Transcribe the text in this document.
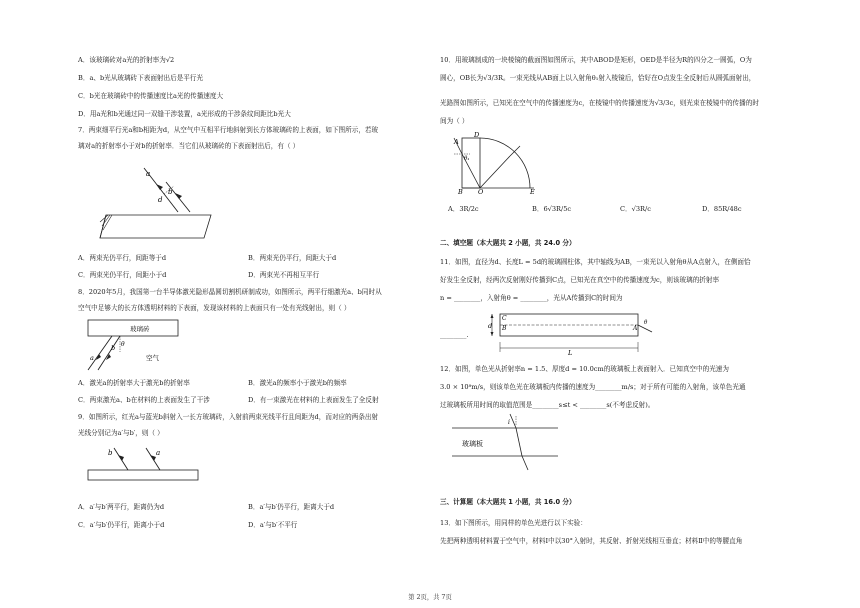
A．该玻璃砖对a光的折射率为√2
B．a、b光从玻璃砖下表面射出后是平行光
C．b光在玻璃砖中的传播速度比a光的传播速度大
D．用a光和b光通过同一双缝干涉装置，a光形成的干涉条纹间距比b光大
7．两束细平行光a和b相距为d，从空气中互相平行地斜射到长方体玻璃砖的上表面，如下图所示，若玻
璃对a的折射率小于对b的折射率．当它们从玻璃砖的下表面射出后，有（ ）
a
b
d
A．两束光仍平行，间距等于d	B．两束光仍平行，间距大于d
C．两束光仍平行，间距小于d	D．两束光不再相互平行
8．2020年5月，我国第一台半导体激光隐形晶圆切割机研制成功，如图所示，两平行细激光a、b同时从
空气中足够大的长方体透明材料的下表面，发现该材料的上表面只有一处有光线射出，则（ ）
玻璃砖
空气
a
b θ
A．激光a的折射率大于激光b的折射率	B．激光a的频率小于激光b的频率
C．两束激光a、b在材料的上表面发生了干涉	D．有一束激光在材料的上表面发生了全反射
9．如图所示，红光a与蓝光b斜射入一长方玻璃砖，入射前两束光线平行且间距为d，而对应的两条出射
光线分别记为a′与b′，则（ ）
b	a
A．a′与b′两平行，距离仍为d	B．a′与b′仍平行，距离大于d
C．a′与b′仍平行，距离小于d	D．a′与b′不平行
10．用玻璃制成的一块棱镜的截面图如图所示，其中ABOD是矩形，OED是半径为R的四分之一圆弧，O为
圆心，OB长为√3/3R。一束光线从AB面上以入射角θ₁射入棱镜后，恰好在O点发生全反射后从圆弧面射出，
光路图如图所示，已知光在空气中的传播速度为c，在棱镜中的传播速度为√3/3c，则光束在棱镜中的传播的时
间为（ ）
A
D
B O	E
θ₁
A．3R/2c	B．6√3R/5c	C．√3R/c	D．85R/48c
二、填空题（本大题共 2 小题，共 24.0 分）
11．如图，直径为d、长度L = 5d的玻璃圆柱体，其中轴线为AB，一束光以入射角θ从A点射入，在侧面恰
好发生全反射，经两次反射刚好传播到C点，已知光在真空中的传播速度为c，则该玻璃的折射率
n = ________，入射角θ = ________，光从A传播到C的时间为
________.
d
C
B	A
θ
L
12．如图，单色光从折射率n = 1.5、厚度d = 10.0cm的玻璃板上表面射入．已知真空中的光速为
3.0 × 10⁸m/s，则该单色光在玻璃板内传播的速度为________m/s；对于所有可能的入射角，该单色光通
过玻璃板所用时间的取值范围是________s≤t < ________s(不考虑反射)。
玻璃板
i
三、计算题（本大题共 1 小题，共 16.0 分）
13．如下图所示，用同样的单色光进行以下实验：
先把两种透明材料置于空气中，材料Ⅰ中以30°入射时，其反射、折射光线相互垂直；材料Ⅱ中的等腰直角
第 2页，共 7页
